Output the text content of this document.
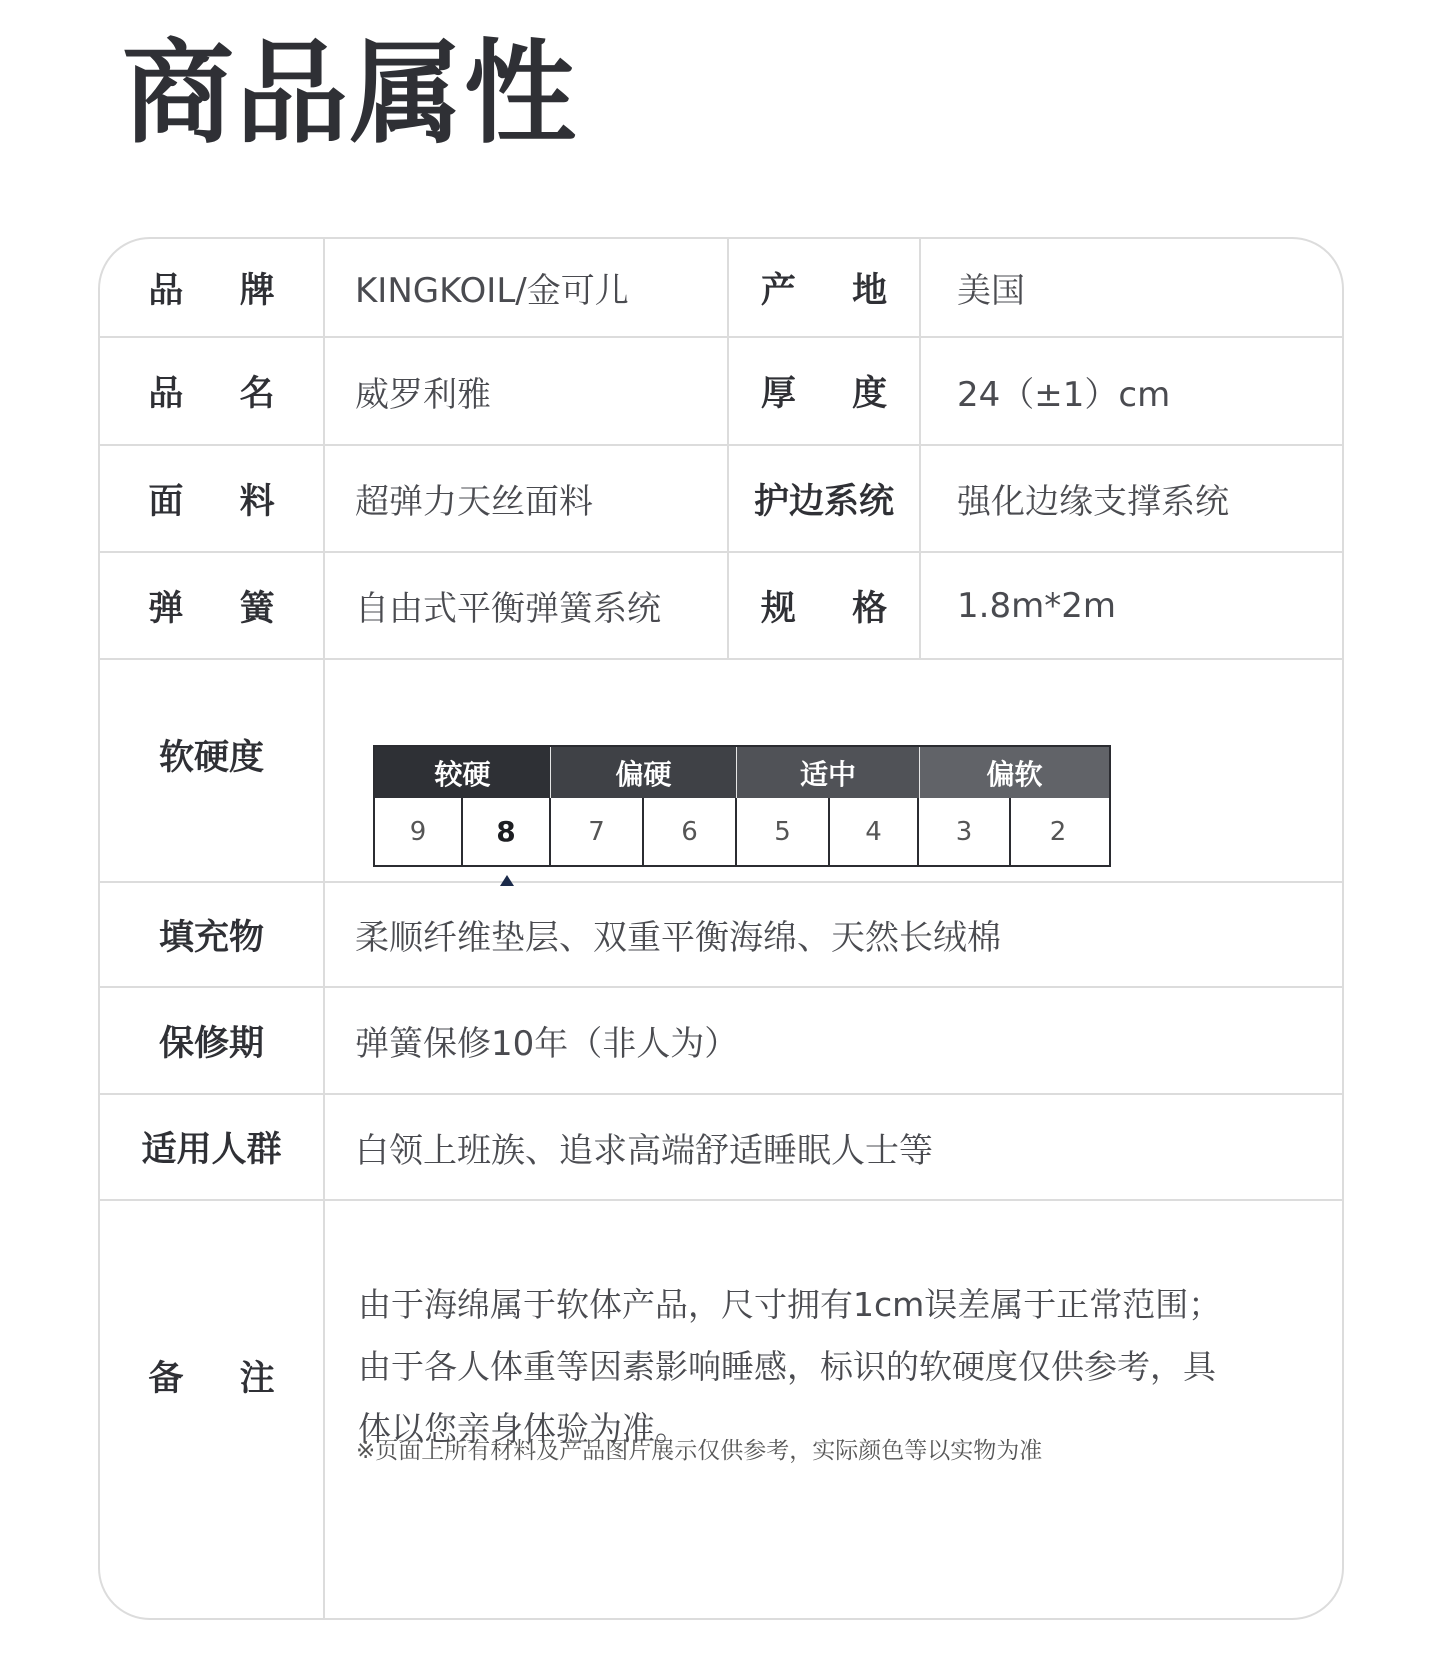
商品属性
品 牌	KINGKOIL/金可儿	产 地 美国
品 名	威罗利雅	厚 度 24（±1）cm
面 料	超弹力天丝面料	护边系统	强化边缘支撑系统
弹 簧	自由式平衡弹簧系统	规 格 1.8m*2m
软硬度	较硬	偏硬	适中	偏软
9	8	7	6	5	4	3	2
填充物	柔顺纤维垫层、双重平衡海绵、天然长绒棉
保修期	弹簧保修10年（非人为）
适用人群	白领上班族、追求高端舒适睡眠人士等
备 注
由于海绵属于软体产品，尺寸拥有1cm误差属于正常范围；
由于各人体重等因素影响睡感，标识的软硬度仅供参考，具
体以您亲身体验为准。
※页面上所有材料及产品图片展示仅供参考，实际颜色等以实物为准
